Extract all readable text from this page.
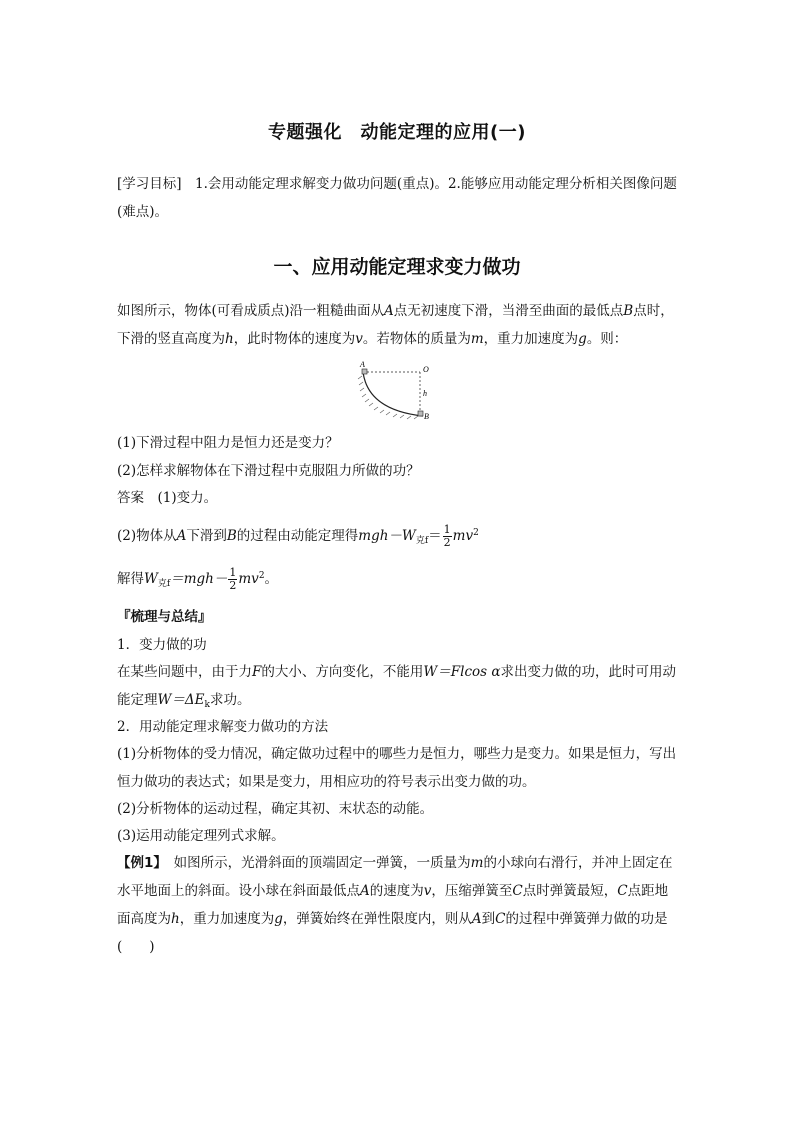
专题强化　动能定理的应用(一)
[学习目标]　1.会用动能定理求解变力做功问题(重点)。2.能够应用动能定理分析相关图像问题(难点)。
一、应用动能定理求变力做功
如图所示，物体(可看成质点)沿一粗糙曲面从A点无初速度下滑，当滑至曲面的最低点B点时，下滑的竖直高度为h，此时物体的速度为v。若物体的质量为m，重力加速度为g。则：
A
O
h
B
(1)下滑过程中阻力是恒力还是变力？
(2)怎样求解物体在下滑过程中克服阻力所做的功？
答案　(1)变力。
(2)物体从A下滑到B的过程由动能定理得$mgh-W_{克f}= \frac{1}{2} mv^2$
解得$W_{克f}=mgh- \frac{1}{2} mv^2$。
『梳理与总结』
1．变力做的功
在某些问题中，由于力F的大小、方向变化，不能用W＝Flcos α求出变力做的功，此时可用动能定理$W=\Delta E_k$求功。
2．用动能定理求解变力做功的方法
(1)分析物体的受力情况，确定做功过程中的哪些力是恒力，哪些力是变力。如果是恒力，写出恒力做功的表达式；如果是变力，用相应功的符号表示出变力做的功。
(2)分析物体的运动过程，确定其初、末状态的动能。
(3)运用动能定理列式求解。
【例1】　如图所示，光滑斜面的顶端固定一弹簧，一质量为m的小球向右滑行，并冲上固定在水平地面上的斜面。设小球在斜面最低点A的速度为v，压缩弹簧至C点时弹簧最短，C点距地面高度为h，重力加速度为g，弹簧始终在弹性限度内，则从A到C的过程中弹簧弹力做的功是(　　)
